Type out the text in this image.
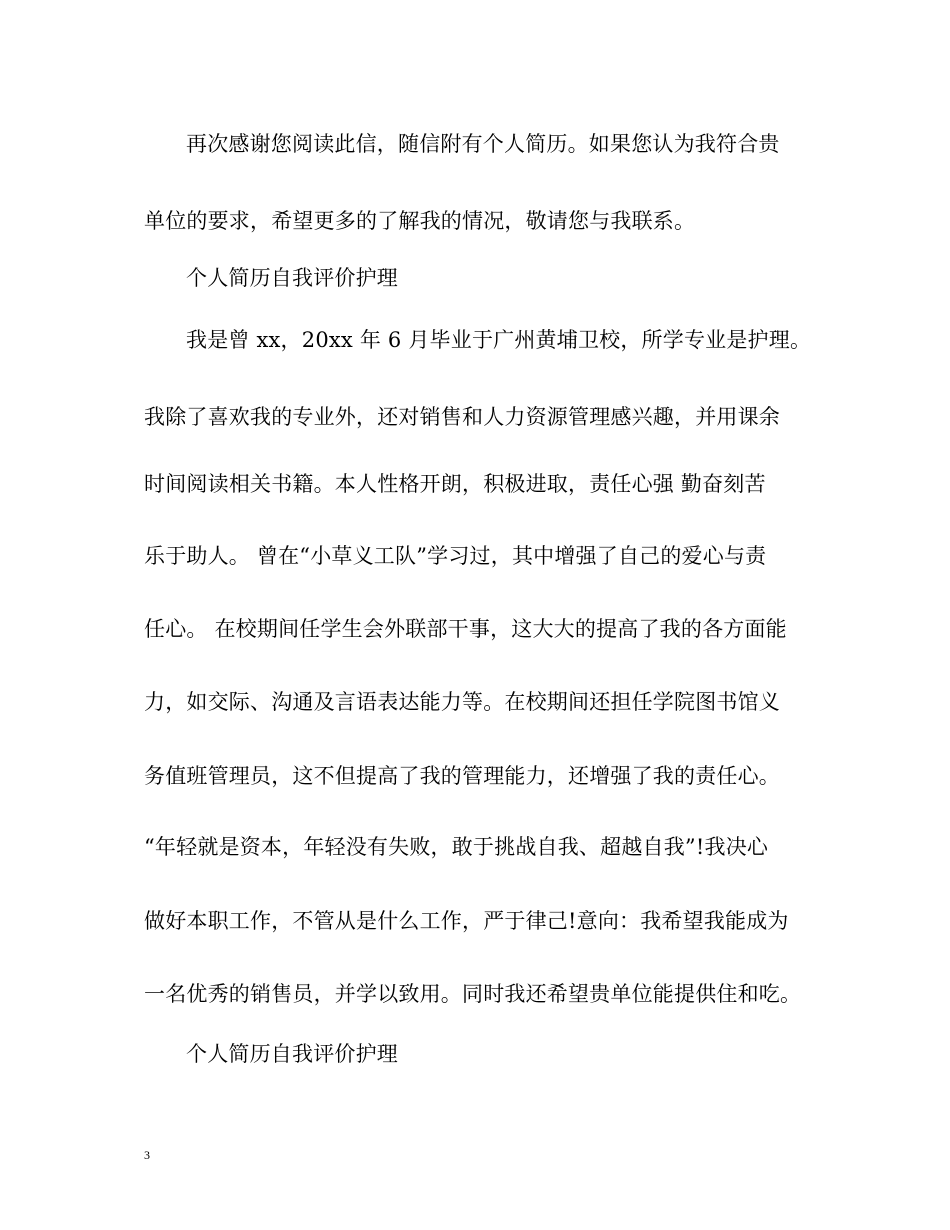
再次感谢您阅读此信，随信附有个人简历。如果您认为我符合贵
单位的要求，希望更多的了解我的情况，敬请您与我联系。
个人简历自我评价护理
我是曾 xx，20xx 年 6 月毕业于广州黄埔卫校，所学专业是护理。
我除了喜欢我的专业外，还对销售和人力资源管理感兴趣，并用课余
时间阅读相关书籍。本人性格开朗，积极进取，责任心强 勤奋刻苦
乐于助人。 曾在“小草义工队”学习过，其中增强了自己的爱心与责
任心。 在校期间任学生会外联部干事，这大大的提高了我的各方面能
力，如交际、沟通及言语表达能力等。在校期间还担任学院图书馆义
务值班管理员，这不但提高了我的管理能力，还增强了我的责任心。
“年轻就是资本，年轻没有失败，敢于挑战自我、超越自我”!我决心
做好本职工作，不管从是什么工作，严于律己!意向：我希望我能成为
一名优秀的销售员，并学以致用。同时我还希望贵单位能提供住和吃。
个人简历自我评价护理
3
